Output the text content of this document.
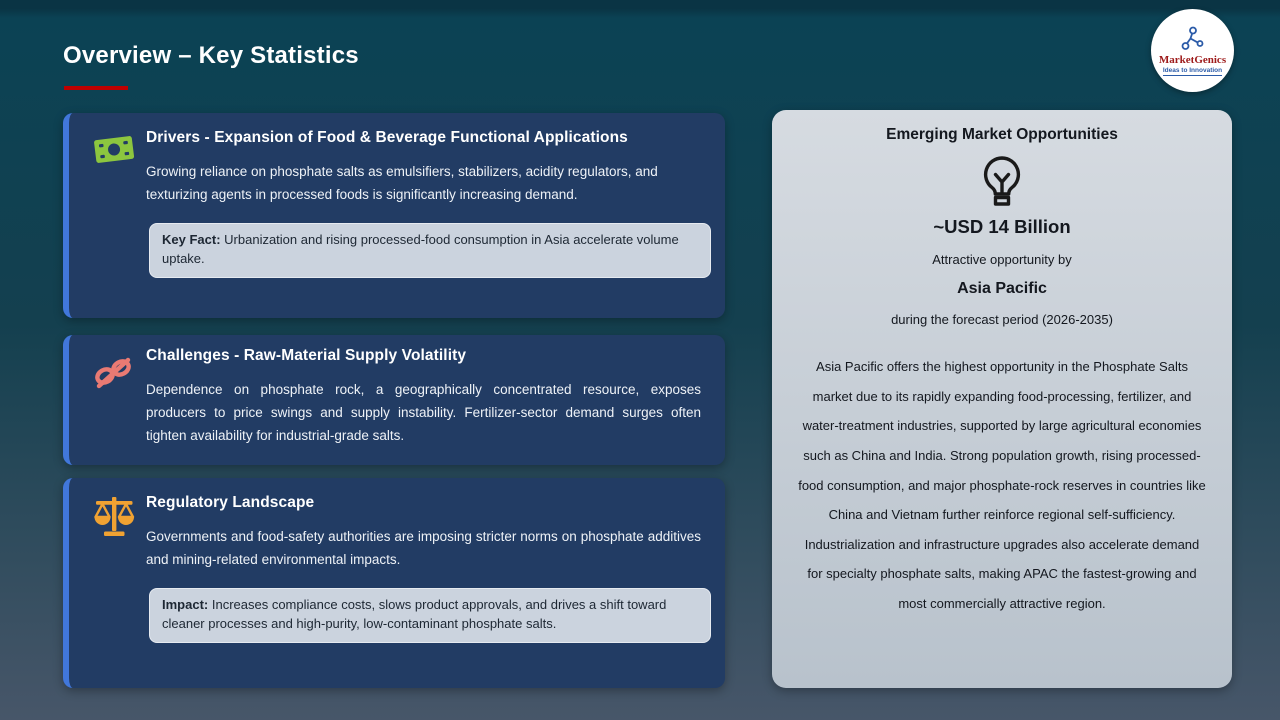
Overview – Key Statistics	MarketGenics
Ideas to Innovation
Drivers - Expansion of Food & Beverage Functional Applications

Growing reliance on phosphate salts as emulsifiers, stabilizers, acidity regulators, and texturizing agents in processed foods is significantly increasing demand.

Key Fact: Urbanization and rising processed-food consumption in Asia accelerate volume uptake.
Challenges - Raw-Material Supply Volatility

Dependence on phosphate rock, a geographically concentrated resource, exposes producers to price swings and supply instability. Fertilizer-sector demand surges often tighten availability for industrial-grade salts.

Regulatory Landscape

Governments and food-safety authorities are imposing stricter norms on phosphate additives and mining-related environmental impacts.

Impact: Increases compliance costs, slows product approvals, and drives a shift toward cleaner processes and high-purity, low-contaminant phosphate salts.
Emerging Market Opportunities
~USD 14 Billion
Attractive opportunity by
Asia Pacific
during the forecast period (2026-2035)

Asia Pacific offers the highest opportunity in the Phosphate Salts market due to its rapidly expanding food-processing, fertilizer, and water-treatment industries, supported by large agricultural economies such as China and India. Strong population growth, rising processed-food consumption, and major phosphate-rock reserves in countries like China and Vietnam further reinforce regional self-sufficiency. Industrialization and infrastructure upgrades also accelerate demand for specialty phosphate salts, making APAC the fastest-growing and most commercially attractive region.
